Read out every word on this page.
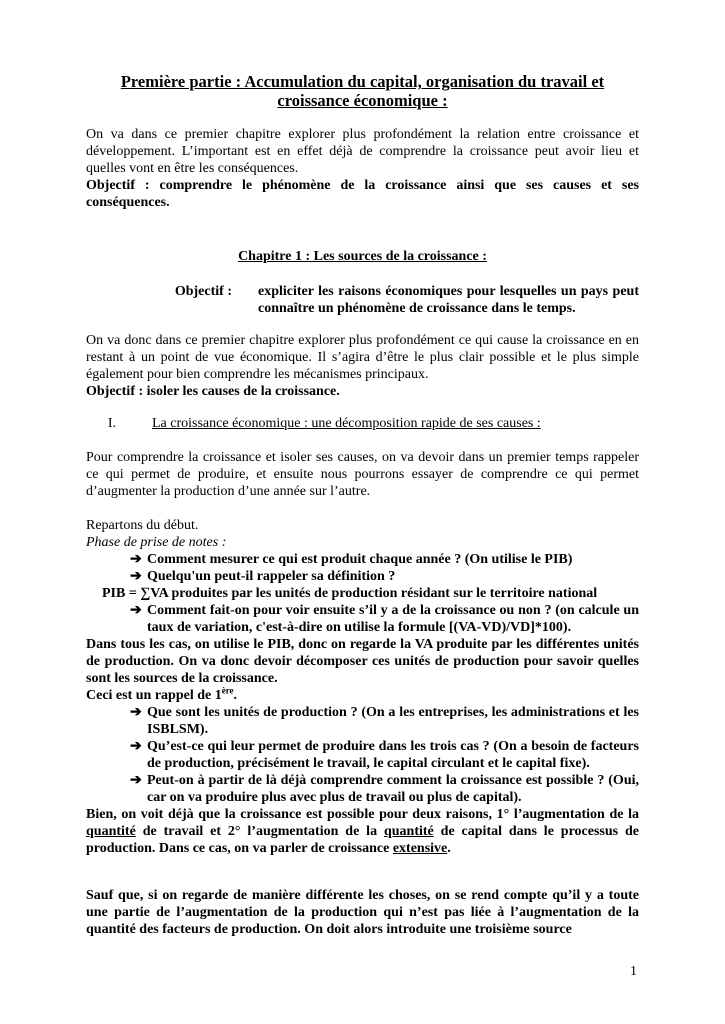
Première partie : Accumulation du capital, organisation du travail et croissance économique :

On va dans ce premier chapitre explorer plus profondément la relation entre croissance et développement. L’important est en effet déjà de comprendre la croissance peut avoir lieu et quelles vont en être les conséquences.

Objectif : comprendre le phénomène de la croissance ainsi que ses causes et ses conséquences.

Chapitre 1 : Les sources de la croissance :

Objectif :	expliciter les raisons économiques pour lesquelles un pays peut connaître un phénomène de croissance dans le temps.

On va donc dans ce premier chapitre explorer plus profondément ce qui cause la croissance en en restant à un point de vue économique. Il s’agira d’être le plus clair possible et le plus simple également pour bien comprendre les mécanismes principaux.

Objectif : isoler les causes de la croissance.

I.	La croissance économique : une décomposition rapide de ses causes :

Pour comprendre la croissance et isoler ses causes, on va devoir dans un premier temps rappeler ce qui permet de produire, et ensuite nous pourrons essayer de comprendre ce qui permet d’augmenter la production d’une année sur l’autre.

Repartons du début.

Phase de prise de notes :

➔ Comment mesurer ce qui est produit chaque année ? (On utilise le PIB)
➔ Quelqu'un peut-il rappeler sa définition ?

PIB = ∑VA produites par les unités de production résidant sur le territoire national

➔ Comment fait-on pour voir ensuite s’il y a de la croissance ou non ? (on calcule un taux de variation, c'est-à-dire on utilise la formule [(VA-VD)/VD]*100).

Dans tous les cas, on utilise le PIB, donc on regarde la VA produite par les différentes unités de production. On va donc devoir décomposer ces unités de production pour savoir quelles sont les sources de la croissance.

Ceci est un rappel de 1ère.

➔ Que sont les unités de production ? (On a les entreprises, les administrations et les ISBLSM).
➔ Qu’est-ce qui leur permet de produire dans les trois cas ? (On a besoin de facteurs de production, précisément le travail, le capital circulant et le capital fixe).
➔ Peut-on à partir de là déjà comprendre comment la croissance est possible ? (Oui, car on va produire plus avec plus de travail ou plus de capital).

Bien, on voit déjà que la croissance est possible pour deux raisons, 1° l’augmentation de la quantité de travail et 2° l’augmentation de la quantité de capital dans le processus de production. Dans ce cas, on va parler de croissance extensive.

Sauf que, si on regarde de manière différente les choses, on se rend compte qu’il y a toute une partie de l’augmentation de la production qui n’est pas liée à l’augmentation de la quantité des facteurs de production. On doit alors introduite une troisième source

1
